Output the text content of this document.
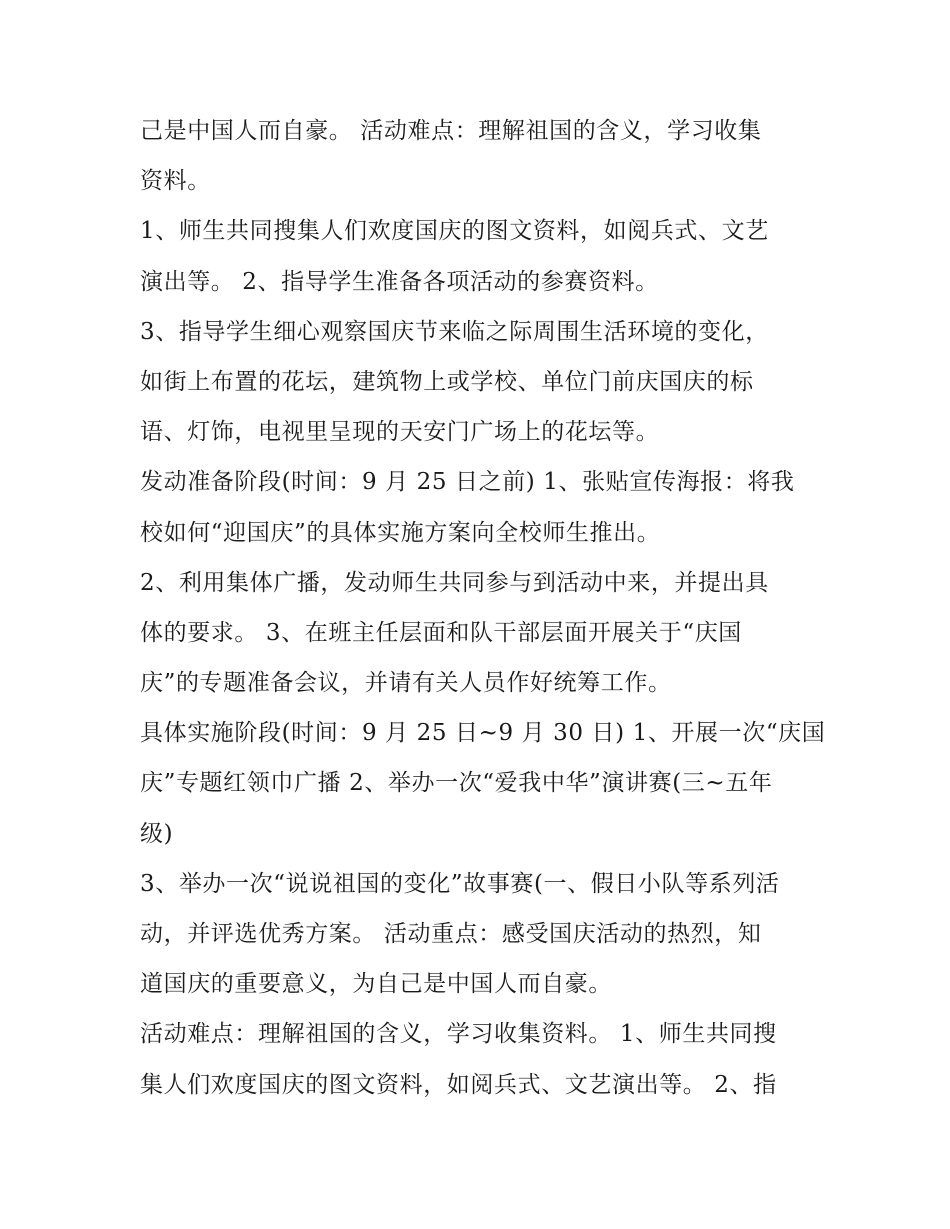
己是中国人而自豪。 活动难点：理解祖国的含义，学习收集
资料。
1、师生共同搜集人们欢度国庆的图文资料，如阅兵式、文艺
演出等。 2、指导学生准备各项活动的参赛资料。
3、指导学生细心观察国庆节来临之际周围生活环境的变化，
如街上布置的花坛，建筑物上或学校、单位门前庆国庆的标
语、灯饰，电视里呈现的天安门广场上的花坛等。
发动准备阶段(时间：9 月 25 日之前) 1、张贴宣传海报：将我
校如何“迎国庆”的具体实施方案向全校师生推出。
2、利用集体广播，发动师生共同参与到活动中来，并提出具
体的要求。 3、在班主任层面和队干部层面开展关于“庆国
庆”的专题准备会议，并请有关人员作好统筹工作。
具体实施阶段(时间：9 月 25 日~9 月 30 日) 1、开展一次“庆国
庆”专题红领巾广播 2、举办一次“爱我中华”演讲赛(三~五年
级)
3、举办一次“说说祖国的变化”故事赛(一、假日小队等系列活
动，并评选优秀方案。 活动重点：感受国庆活动的热烈，知
道国庆的重要意义，为自己是中国人而自豪。
活动难点：理解祖国的含义，学习收集资料。 1、师生共同搜
集人们欢度国庆的图文资料，如阅兵式、文艺演出等。 2、指
